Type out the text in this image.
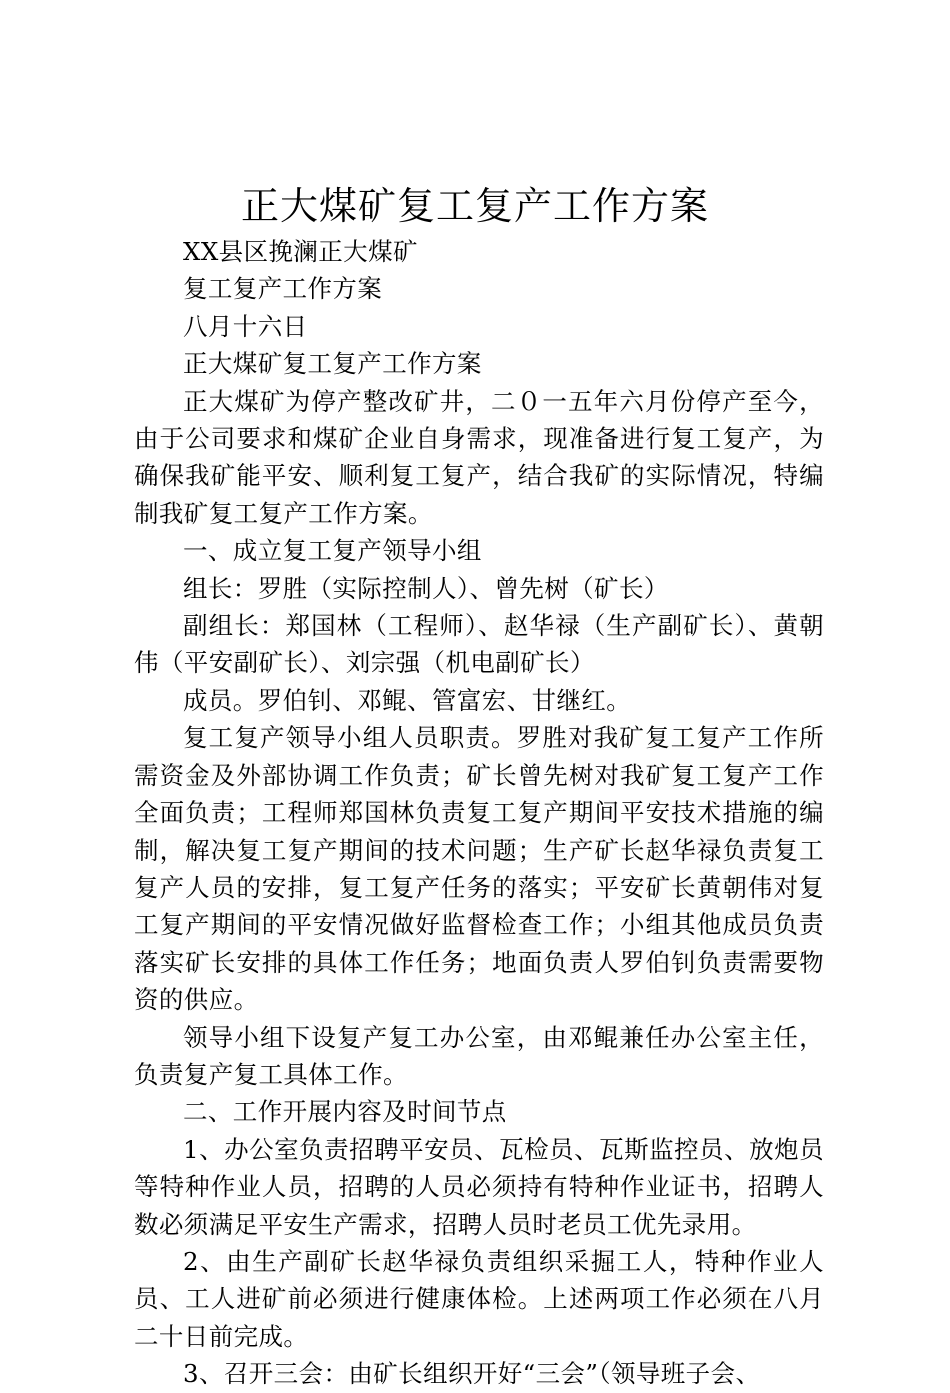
正大煤矿复工复产工作方案

XX县区挽澜正大煤矿

复工复产工作方案

八月十六日

正大煤矿复工复产工作方案

正大煤矿为停产整改矿井，二０一五年六月份停产至今，由于公司要求和煤矿企业自身需求，现准备进行复工复产，为确保我矿能平安、顺利复工复产，结合我矿的实际情况，特编制我矿复工复产工作方案。

一、成立复工复产领导小组

组长：罗胜（实际控制人）、曾先树（矿长）

副组长：郑国林（工程师）、赵华禄（生产副矿长）、黄朝伟（平安副矿长）、刘宗强（机电副矿长）

成员。罗伯钊、邓鲲、管富宏、甘继红。

复工复产领导小组人员职责。罗胜对我矿复工复产工作所需资金及外部协调工作负责；矿长曾先树对我矿复工复产工作全面负责；工程师郑国林负责复工复产期间平安技术措施的编制，解决复工复产期间的技术问题；生产矿长赵华禄负责复工复产人员的安排，复工复产任务的落实；平安矿长黄朝伟对复工复产期间的平安情况做好监督检查工作；小组其他成员负责落实矿长安排的具体工作任务；地面负责人罗伯钊负责需要物资的供应。

领导小组下设复产复工办公室，由邓鲲兼任办公室主任，负责复产复工具体工作。

二、工作开展内容及时间节点

1、办公室负责招聘平安员、瓦检员、瓦斯监控员、放炮员等特种作业人员，招聘的人员必须持有特种作业证书，招聘人数必须满足平安生产需求，招聘人员时老员工优先录用。

2、由生产副矿长赵华禄负责组织采掘工人，特种作业人员、工人进矿前必须进行健康体检。上述两项工作必须在八月二十日前完成。

3、召开三会：由矿长组织开好“三会”（领导班子会、
